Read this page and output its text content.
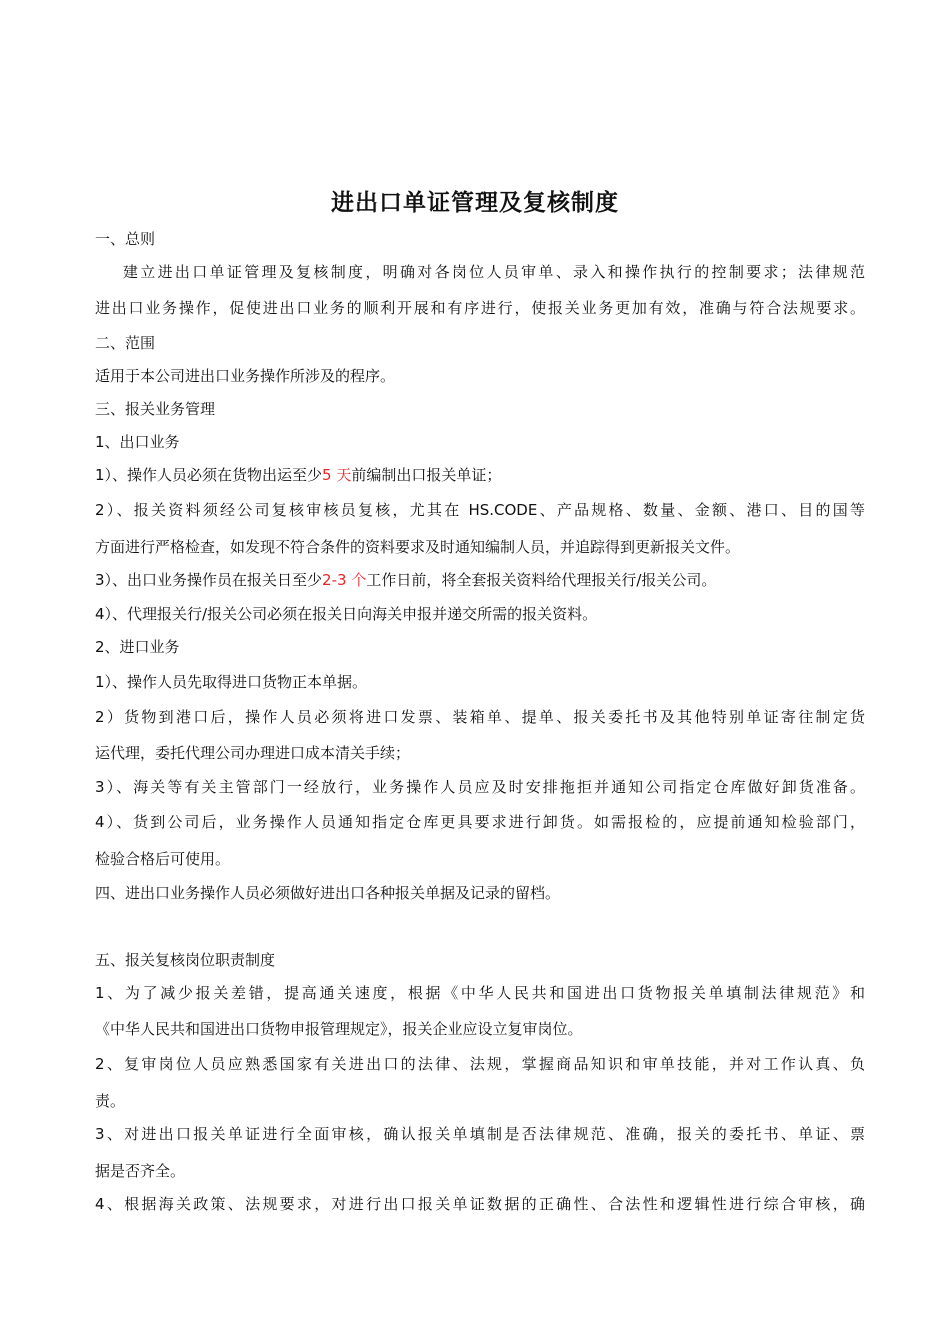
进出口单证管理及复核制度
一、总则
建立进出口单证管理及复核制度，明确对各岗位人员审单、录入和操作执行的控制要求；法律规范
进出口业务操作，促使进出口业务的顺利开展和有序进行，使报关业务更加有效，准确与符合法规要求。
二、范围
适用于本公司进出口业务操作所涉及的程序。
三、报关业务管理
1、出口业务
1）、操作人员必须在货物出运至少5 天前编制出口报关单证；
2）、报关资料须经公司复核审核员复核，尤其在 HS.CODE、产品规格、数量、金额、港口、目的国等
方面进行严格检查，如发现不符合条件的资料要求及时通知编制人员，并追踪得到更新报关文件。
3）、出口业务操作员在报关日至少2-3 个工作日前，将全套报关资料给代理报关行/报关公司。
4）、代理报关行/报关公司必须在报关日向海关申报并递交所需的报关资料。
2、进口业务
1）、操作人员先取得进口货物正本单据。
2）货物到港口后，操作人员必须将进口发票、装箱单、提单、报关委托书及其他特别单证寄往制定货
运代理，委托代理公司办理进口成本清关手续；
3）、海关等有关主管部门一经放行，业务操作人员应及时安排拖拒并通知公司指定仓库做好卸货准备。
4）、货到公司后，业务操作人员通知指定仓库更具要求进行卸货。如需报检的，应提前通知检验部门，
检验合格后可使用。
四、进出口业务操作人员必须做好进出口各种报关单据及记录的留档。
五、报关复核岗位职责制度
1、为了减少报关差错，提高通关速度，根据《中华人民共和国进出口货物报关单填制法律规范》和
《中华人民共和国进出口货物申报管理规定》，报关企业应设立复审岗位。
2、复审岗位人员应熟悉国家有关进出口的法律、法规，掌握商品知识和审单技能，并对工作认真、负
责。
3、对进出口报关单证进行全面审核，确认报关单填制是否法律规范、准确，报关的委托书、单证、票
据是否齐全。
4、根据海关政策、法规要求，对进行出口报关单证数据的正确性、合法性和逻辑性进行综合审核，确
